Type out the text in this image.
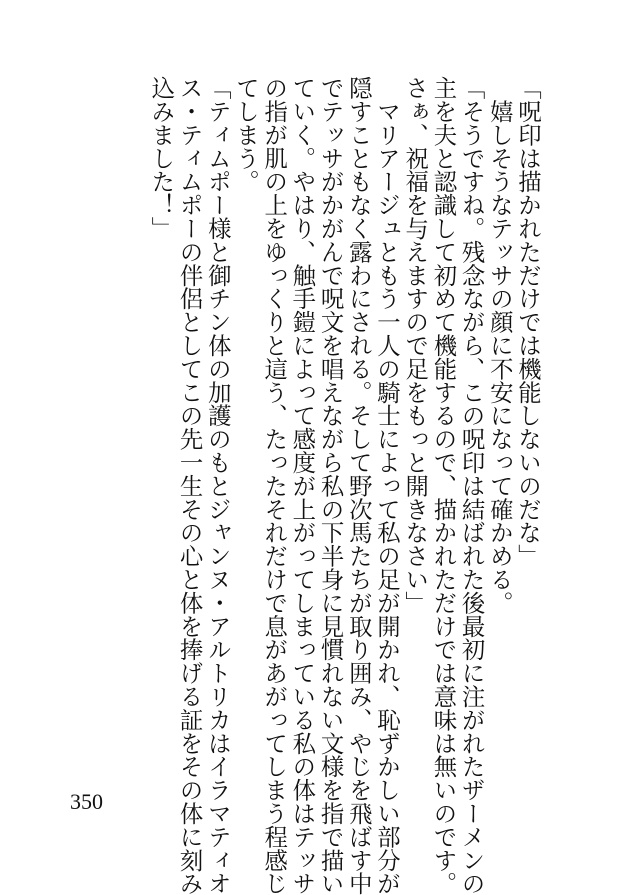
「呪印は描かれただけでは機能しないのだな」
　嬉しそうなテッサの顔に不安になって確かめる。
「そうですね。残念ながら、この呪印は結ばれた後最初に注がれたザーメンの
主を夫と認識して初めて機能するので、描かれただけでは意味は無いのです。
さぁ、祝福を与えますので足をもっと開きなさい」
　マリアージュともう一人の騎士によって私の足が開かれ、恥ずかしい部分が
隠すこともなく露わにされる。そして野次馬たちが取り囲み、やじを飛ばす中
でテッサがかがんで呪文を唱えながら私の下半身に見慣れない文様を指で描い
ていく。やはり、触手鎧によって感度が上がってしまっている私の体はテッサ
の指が肌の上をゆっくりと這う、たったそれだけで息があがってしまう程感じ
てしまう。
「ティムポー様と御チン体の加護のもとジャンヌ・アルトリカはイラマティオ
ス・ティムポーの伴侶としてこの先一生その心と体を捧げる証をその体に刻み
込みました！」
350
